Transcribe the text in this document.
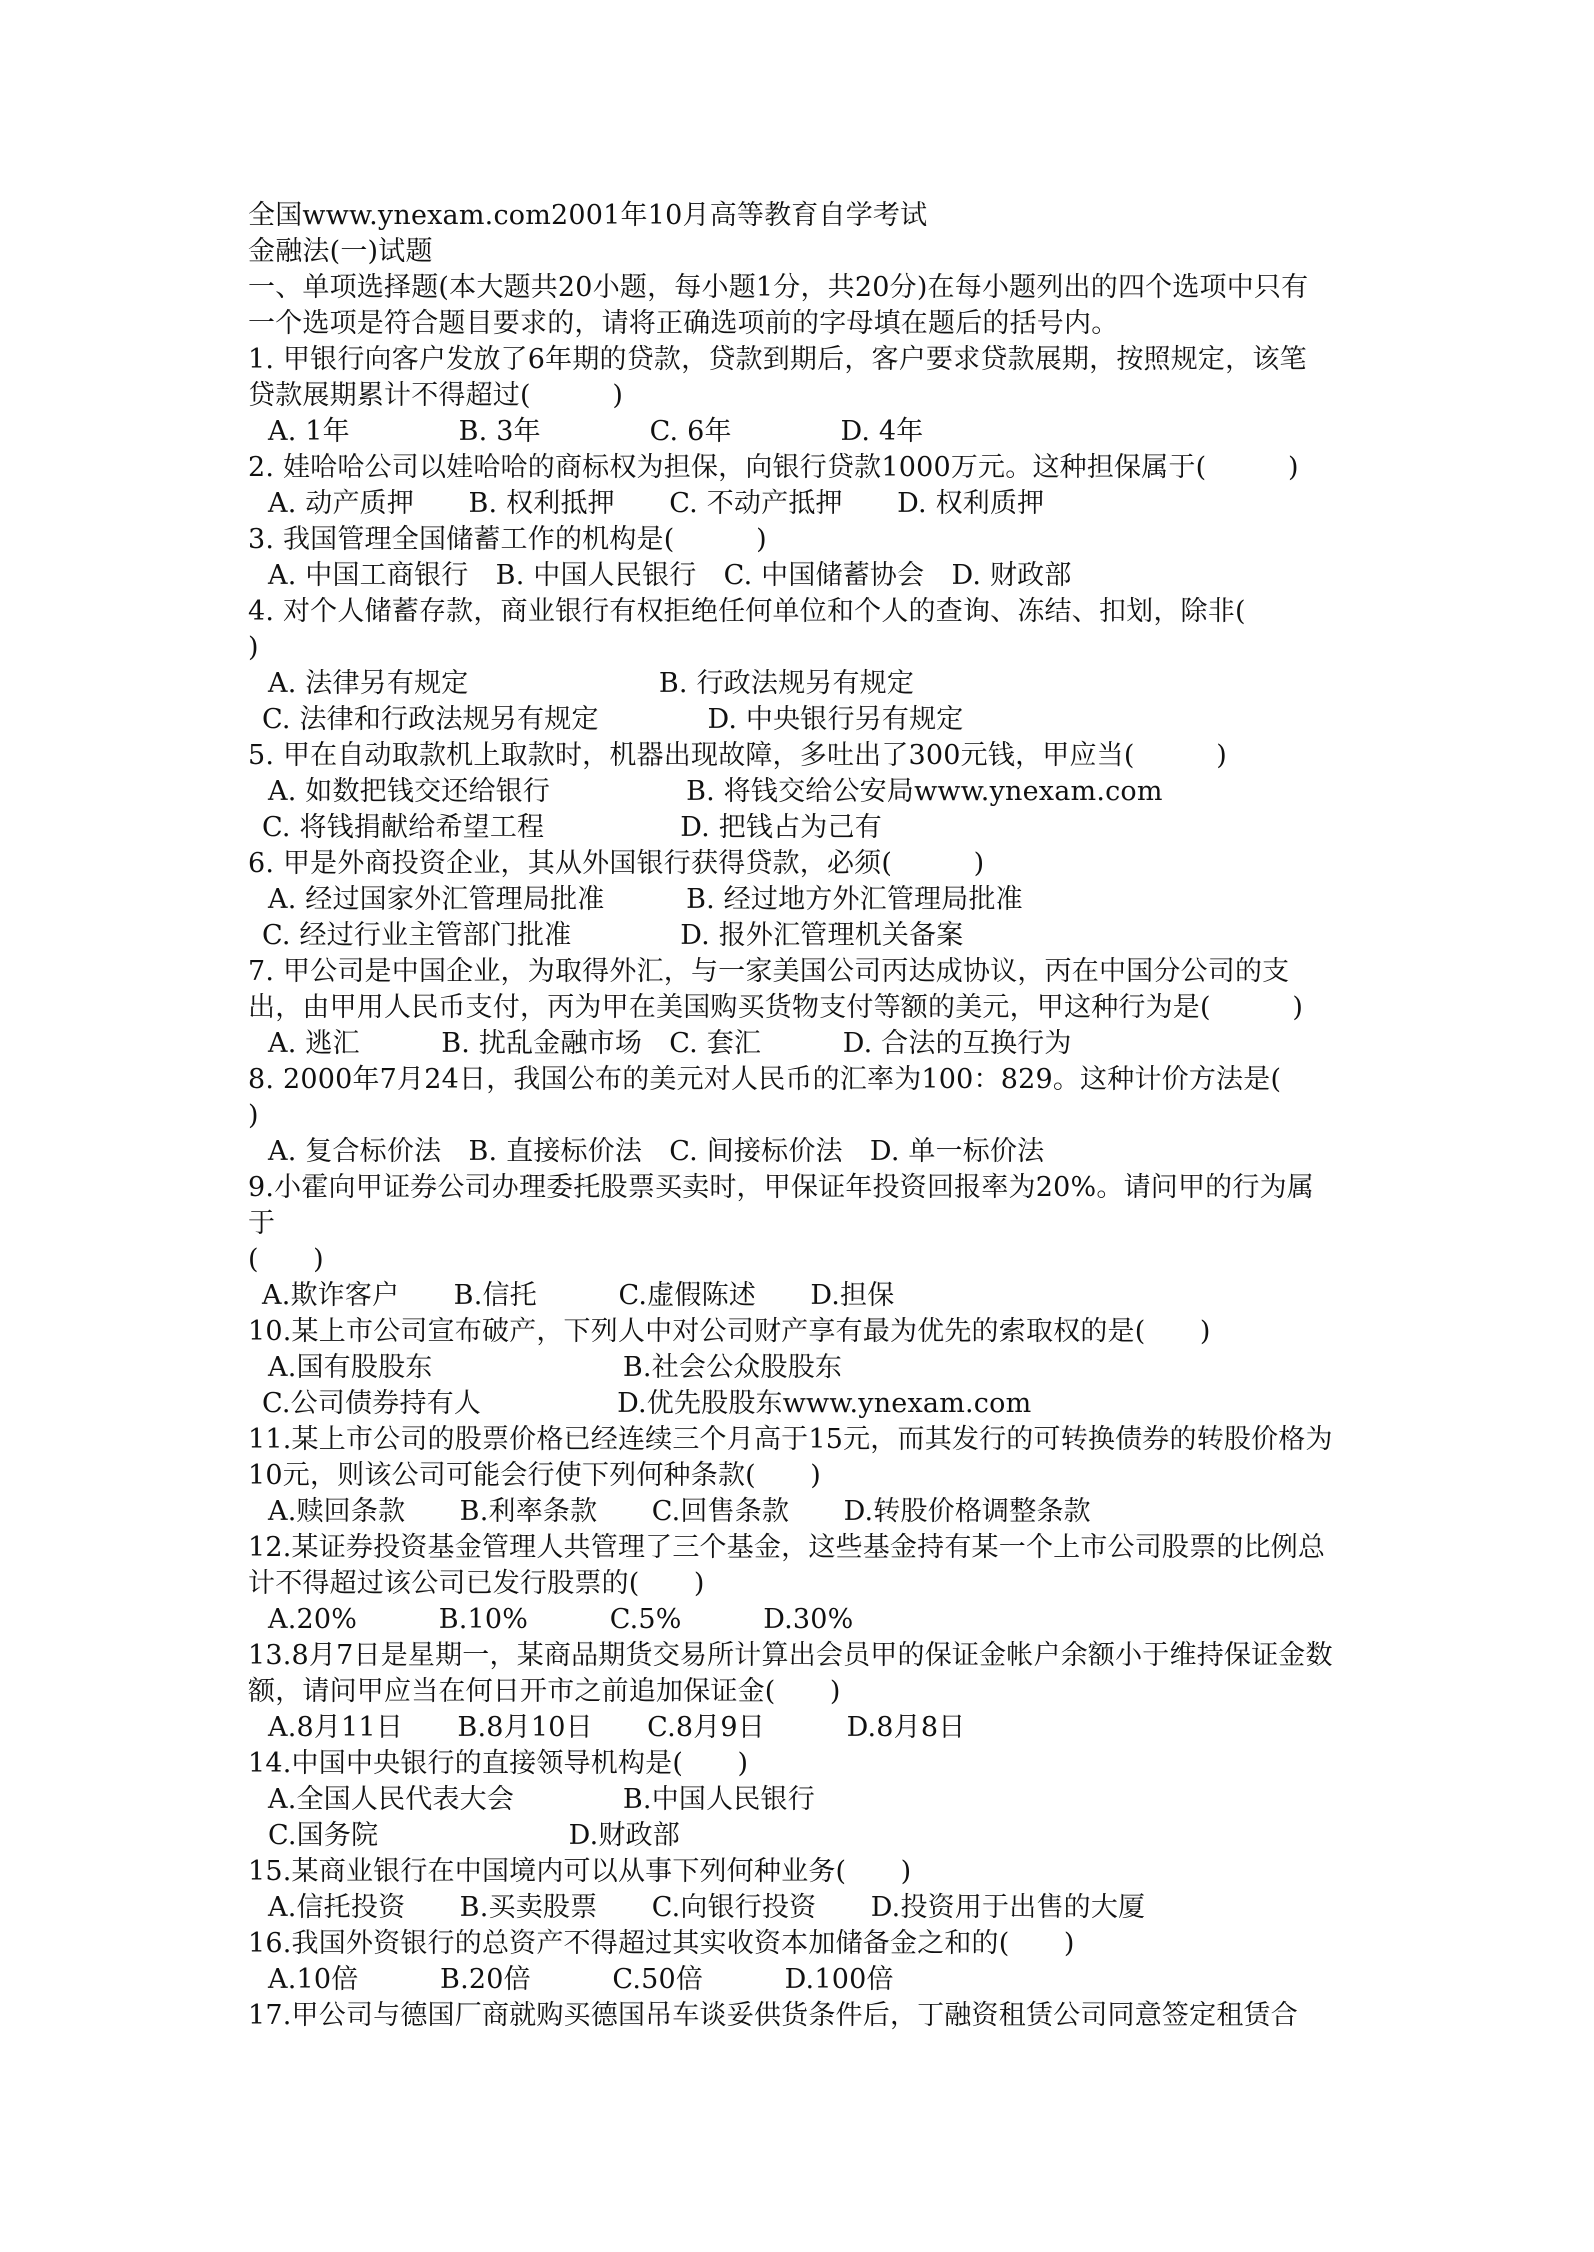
全国www.ynexam.com2001年10月高等教育自学考试
金融法(一)试题
一、单项选择题(本大题共20小题，每小题1分，共20分)在每小题列出的四个选项中只有
一个选项是符合题目要求的，请将正确选项前的字母填在题后的括号内。
1. 甲银行向客户发放了6年期的贷款，贷款到期后，客户要求贷款展期，按照规定，该笔
贷款展期累计不得超过(　　　)
A. 1年　　　　B. 3年　　　　C. 6年　　　　D. 4年
2. 娃哈哈公司以娃哈哈的商标权为担保，向银行贷款1000万元。这种担保属于(　　　)
A. 动产质押　　B. 权利抵押　　C. 不动产抵押　　D. 权利质押
3. 我国管理全国储蓄工作的机构是(　　　)
A. 中国工商银行　B. 中国人民银行　C. 中国储蓄协会　D. 财政部
4. 对个人储蓄存款，商业银行有权拒绝任何单位和个人的查询、冻结、扣划，除非(
)
A. 法律另有规定　　　　　　　B. 行政法规另有规定
C. 法律和行政法规另有规定　　　　D. 中央银行另有规定
5. 甲在自动取款机上取款时，机器出现故障，多吐出了300元钱，甲应当(　　　)
A. 如数把钱交还给银行　　　　　B. 将钱交给公安局www.ynexam.com
C. 将钱捐献给希望工程　　　　　D. 把钱占为己有
6. 甲是外商投资企业，其从外国银行获得贷款，必须(　　　)
A. 经过国家外汇管理局批准　　　B. 经过地方外汇管理局批准
C. 经过行业主管部门批准　　　　D. 报外汇管理机关备案
7. 甲公司是中国企业，为取得外汇，与一家美国公司丙达成协议，丙在中国分公司的支
出，由甲用人民币支付，丙为甲在美国购买货物支付等额的美元，甲这种行为是(　　　)
A. 逃汇　　　B. 扰乱金融市场　C. 套汇　　　D. 合法的互换行为
8. 2000年7月24日，我国公布的美元对人民币的汇率为100：829。这种计价方法是(
)
A. 复合标价法　B. 直接标价法　C. 间接标价法　D. 单一标价法
9.小霍向甲证券公司办理委托股票买卖时，甲保证年投资回报率为20%。请问甲的行为属
于
(　　)
A.欺诈客户　　B.信托　　　C.虚假陈述　　D.担保
10.某上市公司宣布破产，下列人中对公司财产享有最为优先的索取权的是(　　)
A.国有股股东　　　　　　　B.社会公众股股东
C.公司债券持有人　　　　　D.优先股股东www.ynexam.com
11.某上市公司的股票价格已经连续三个月高于15元，而其发行的可转换债券的转股价格为
10元，则该公司可能会行使下列何种条款(　　)
A.赎回条款　　B.利率条款　　C.回售条款　　D.转股价格调整条款
12.某证券投资基金管理人共管理了三个基金，这些基金持有某一个上市公司股票的比例总
计不得超过该公司已发行股票的(　　)
A.20%　　　B.10%　　　C.5%　　　D.30%
13.8月7日是星期一，某商品期货交易所计算出会员甲的保证金帐户余额小于维持保证金数
额，请问甲应当在何日开市之前追加保证金(　　)
A.8月11日　　B.8月10日　　C.8月9日　　　D.8月8日
14.中国中央银行的直接领导机构是(　　)
A.全国人民代表大会　　　　B.中国人民银行
C.国务院　　　　　　　D.财政部
15.某商业银行在中国境内可以从事下列何种业务(　　)
A.信托投资　　B.买卖股票　　C.向银行投资　　D.投资用于出售的大厦
16.我国外资银行的总资产不得超过其实收资本加储备金之和的(　　)
A.10倍　　　B.20倍　　　C.50倍　　　D.100倍
17.甲公司与德国厂商就购买德国吊车谈妥供货条件后，丁融资租赁公司同意签定租赁合
